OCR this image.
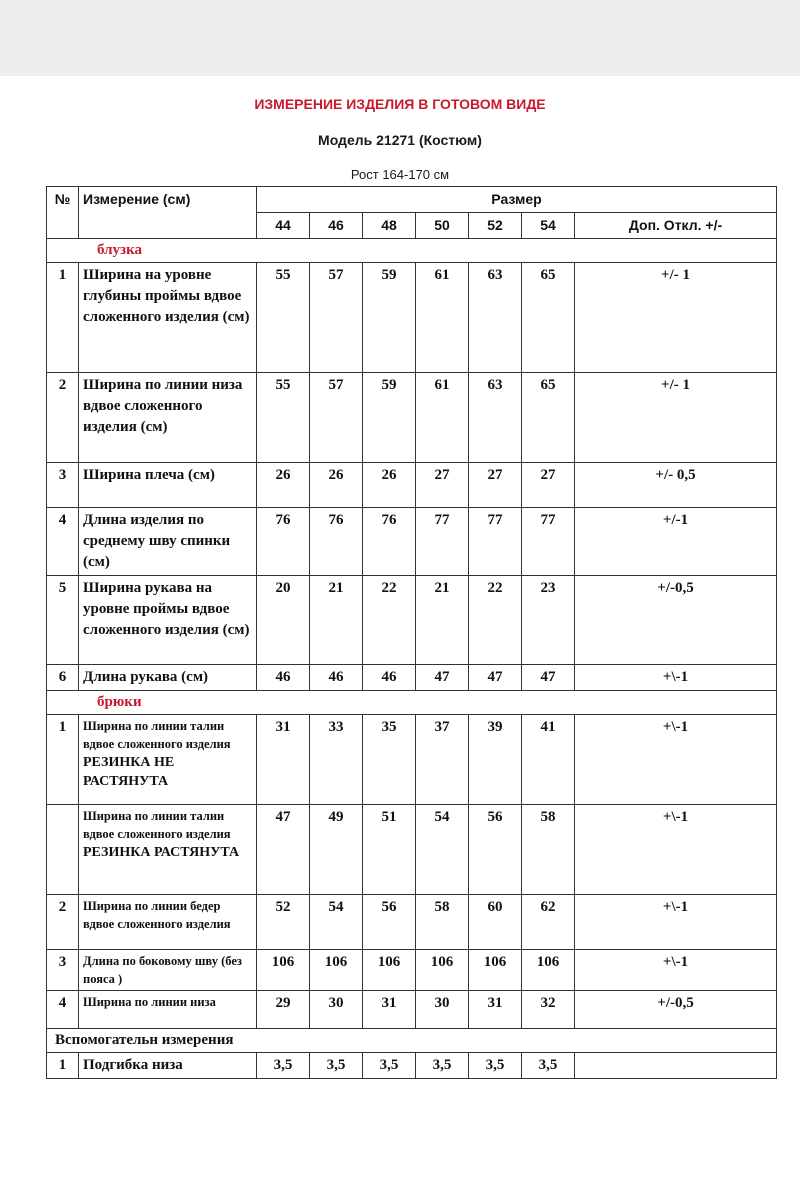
ИЗМЕРЕНИЕ ИЗДЕЛИЯ В ГОТОВОМ ВИДЕ
Модель 21271 (Костюм)
Рост 164-170 см
№	Измерение (см)	Размер						
		44	46	48	50	52	54	Доп. Откл. +/-
блузка								
1	Ширина на уровне глубины проймы вдвое сложенного изделия (см)	55	57	59	61	63	65	+/- 1
2	Ширина по линии низа вдвое сложенного изделия (см)	55	57	59	61	63	65	+/- 1
3	Ширина плеча (см)	26	26	26	27	27	27	+/- 0,5
4	Длина изделия по среднему шву спинки (см)	76	76	76	77	77	77	+/-1
5	Ширина рукава на уровне проймы вдвое сложенного изделия (см)	20	21	22	21	22	23	+/-0,5
6	Длина рукава (см)	46	46	46	47	47	47	+\-1
брюки								
1	Ширина по линии талии вдвое сложенного изделия
РЕЗИНКА НЕ РАСТЯНУТА	31	33	35	37	39	41	+\-1
	Ширина по линии талии вдвое сложенного изделия
РЕЗИНКА РАСТЯНУТА	47	49	51	54	56	58	+\-1
2	Ширина по линии бедер вдвое сложенного изделия	52	54	56	58	60	62	+\-1
3	Длина по боковому шву (без пояса )	106	106	106	106	106	106	+\-1
4	Ширина по линии низа	29	30	31	30	31	32	+/-0,5
Вспомогательн измерения								
1	Подгибка низа	3,5	3,5	3,5	3,5	3,5	3,5	
